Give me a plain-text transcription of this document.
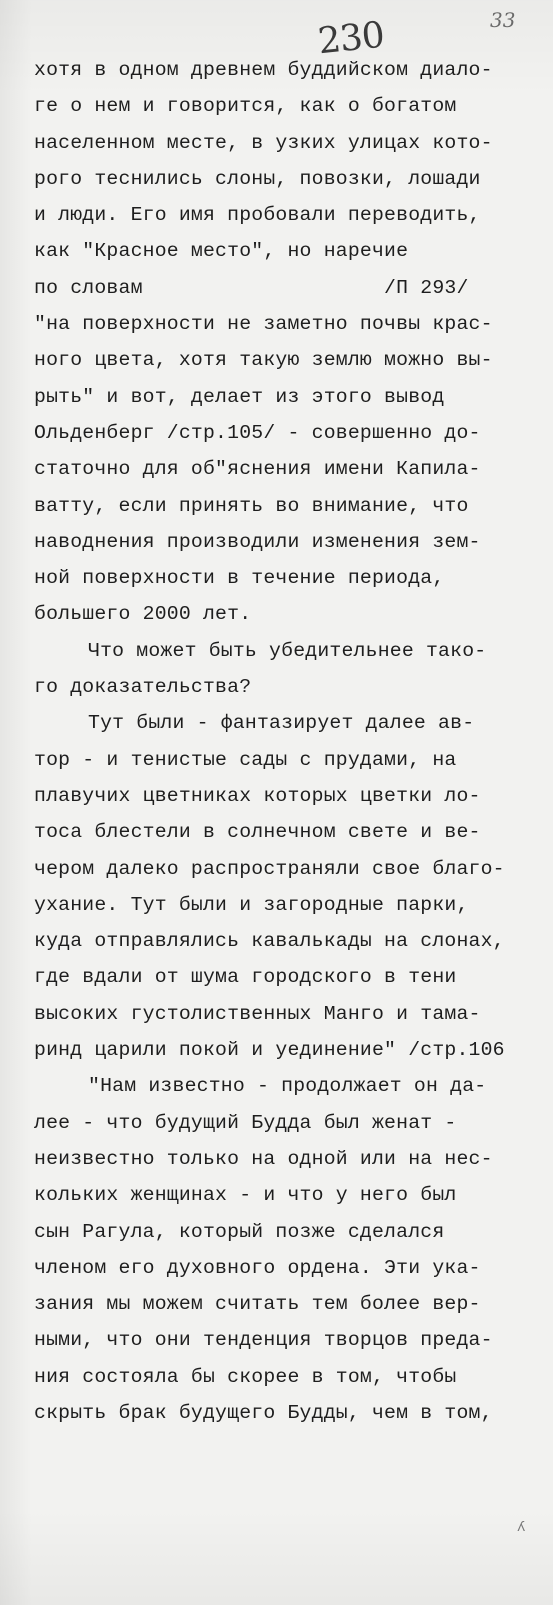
230	33
хотя в одном древнем буддийском диало-
ге о нем и говорится, как о богатом
населенном месте, в узких улицах кото-
рого теснились слоны, повозки, лошади
и люди. Его имя пробовали переводить,
как "Красное место", но наречие
по словам                    /П 293/
"на поверхности не заметно почвы крас-
ного цвета, хотя такую землю можно вы-
рыть" и вот, делает из этого вывод
Ольденберг /стр.105/ - совершенно до-
статочно для об"яснения имени Капила-
ватту, если принять во внимание, что
наводнения производили изменения зем-
ной поверхности в течение периода,
большего 2000 лет.
Что может быть убедительнее тако-
го доказательства?
Тут были - фантазирует далее ав-
тор - и тенистые сады с прудами, на
плавучих цветниках которых цветки ло-
тоса блестели в солнечном свете и ве-
чером далеко распространяли свое благо-
ухание. Тут были и загородные парки,
куда отправлялись кавалькады на слонах,
где вдали от шума городского в тени
высоких густолиственных Манго и тамa-
ринд царили покой и уединение" /стр.106
"Нам известно - продолжает он да-
лее - что будущий Будда был женат -
неизвестно только на одной или на нес-
кольких женщинах - и что у него был
сын Рагула, который позже сделался
членом его духовного ордена. Эти ука-
зания мы можем считать тем более вер-
ными, что они тенденция творцов преда-
ния состояла бы скорее в том, чтобы
скрыть брак будущего Будды, чем в том,
ʎ
